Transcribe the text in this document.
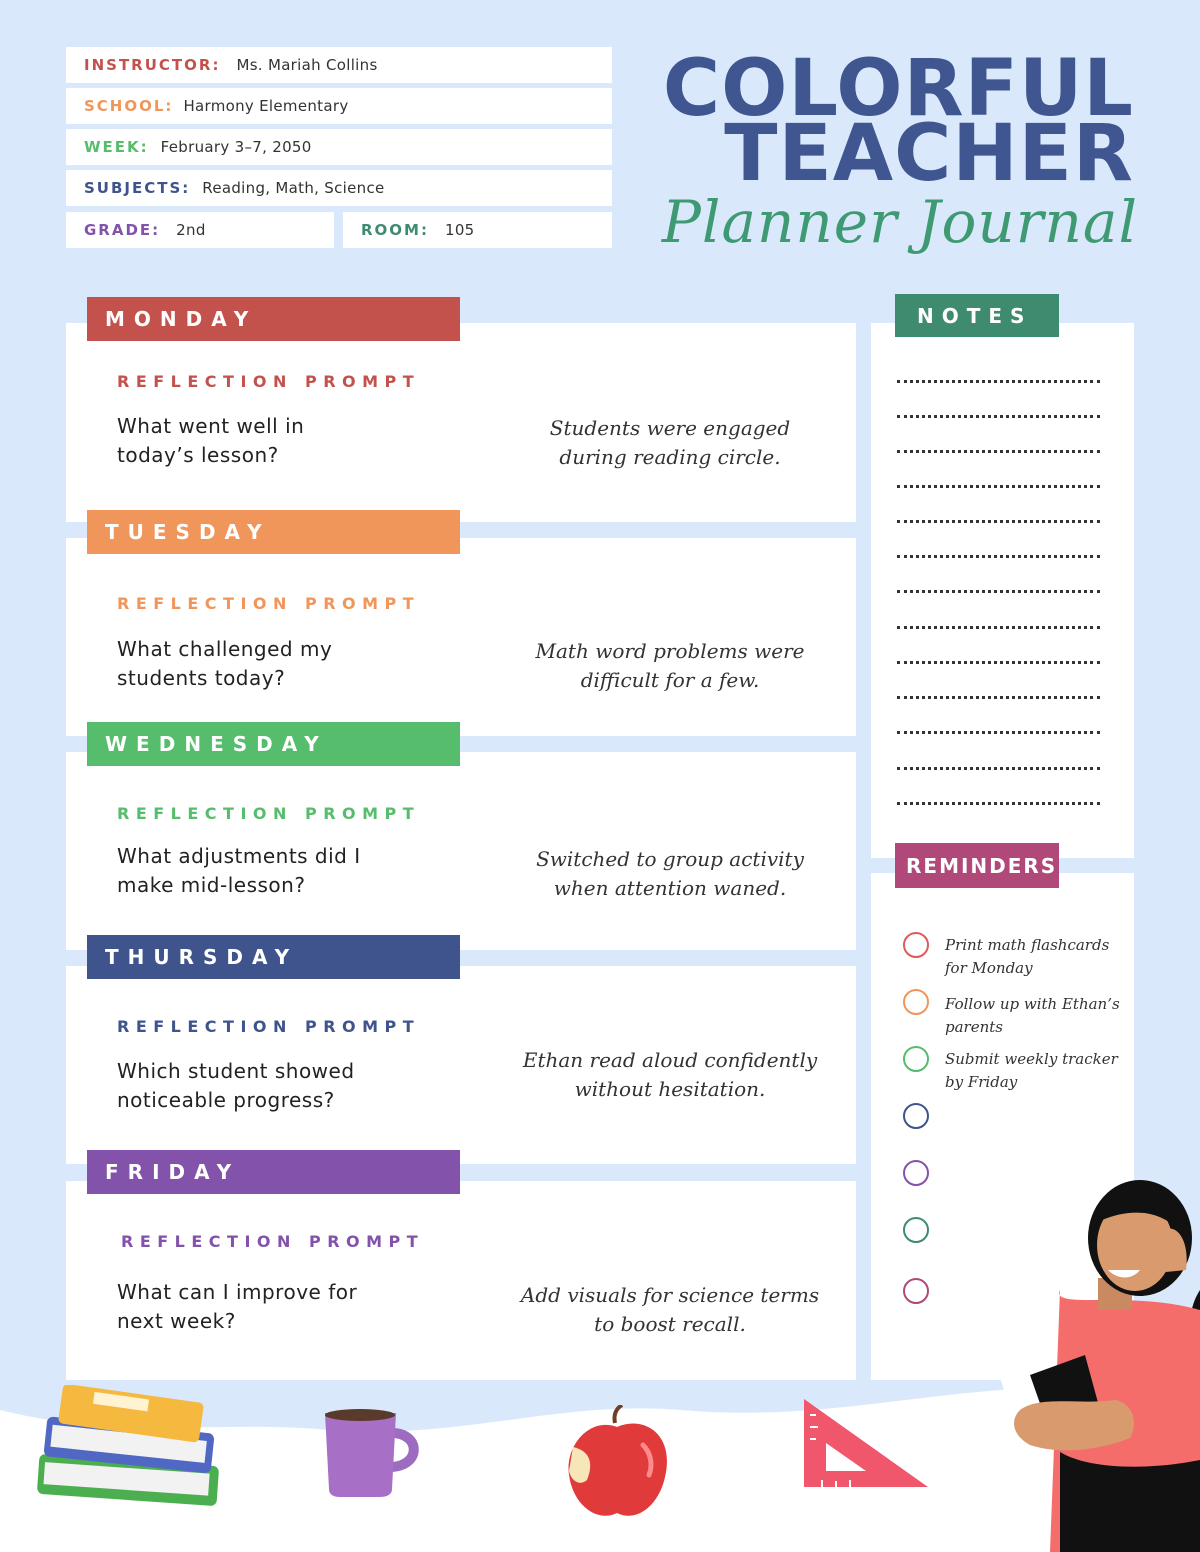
INSTRUCTOR: Ms. Mariah Collins
SCHOOL: Harmony Elementary
WEEK: February 3–7, 2050
SUBJECTS: Reading, Math, Science
GRADE: 2nd	ROOM: 105
COLORFUL
TEACHER
Planner Journal
MONDAY
REFLECTION PROMPT
What went well in today’s lesson?
Students were engaged during reading circle.
TUESDAY
REFLECTION PROMPT
What challenged my students today?
Math word problems were difficult for a few.
WEDNESDAY
REFLECTION PROMPT
What adjustments did I make mid-lesson?
Switched to group activity when attention waned.
THURSDAY
REFLECTION PROMPT
Which student showed noticeable progress?
Ethan read aloud confidently without hesitation.
FRIDAY
REFLECTION PROMPT
What can I improve for next week?
Add visuals for science terms to boost recall.
NOTES
REMINDERS
Print math flashcards for Monday
Follow up with Ethan’s parents
Submit weekly tracker by Friday
